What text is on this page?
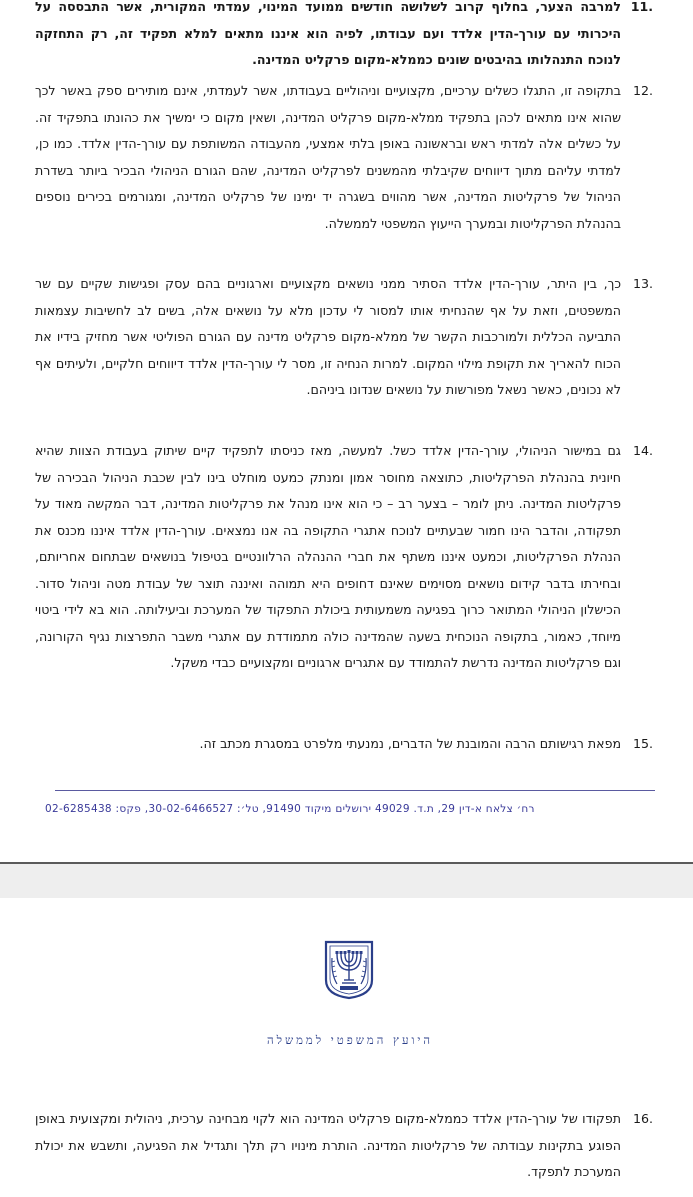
11.
למרבה הצער, בחלוף קרוב לשלושה חודשים ממועד המינוי, עמדתי המקורית, אשר התבססה על היכרותי עם עורך-הדין אלדד ועם עבודתו, לפיה הוא איננו מתאים למלא תפקיד זה, רק התחזקה לנוכח התנהלותו בהיבטים שונים כממלא-מקום פרקליט המדינה.
12.
בתקופה זו, התגלו כשלים ערכיים, מקצועיים וניהוליים בעבודתו, אשר לעמדתי, אינם מותירים ספק באשר לכך שהוא אינו מתאים לכהן בתפקיד ממלא-מקום פרקליט המדינה, ושאין מקום כי ימשיך את כהונתו בתפקיד זה. על כשלים אלה למדתי ראש ובראשונה באופן בלתי אמצעי, מהעבודה המשותפת עם עורך-הדין אלדד. כמו כן, למדתי עליהם מתוך דיווחים שקיבלתי מהמשנים לפרקליט המדינה, שהם הגורם הניהולי הבכיר ביותר בשדרת הניהול של פרקליטות המדינה, אשר מהווים בשגרה יד ימינו של פרקליט המדינה, ומגורמים בכירים נוספים בהנהלת הפרקליטות ובמערך הייעוץ המשפטי לממשלה.
13.
כך, בין היתר, עורך-הדין אלדד הסתיר ממני נושאים מקצועיים וארגוניים בהם עסק ופגישות שקיים עם שר המשפטים, וזאת על אף שהנחיתי אותו למסור לי עדכון מלא על נושאים אלה, בשים לב לחשיבות עצמאות התביעה הכללית ולמורכבות הקשר של ממלא-מקום פרקליט מדינה עם הגורם הפוליטי אשר מחזיק בידיו את הכוח להאריך את תקופת מילוי המקום. למרות הנחיה זו, מסר לי עורך-הדין אלדד דיווחים חלקיים, ולעיתים אף לא נכונים, כאשר נשאל מפורשות על נושאים שנדונו ביניהם.
14.
גם במישור הניהולי, עורך-הדין אלדד כשל. למעשה, מאז כניסתו לתפקיד קיים שיתוק בעבודת הצוות שהיא חיונית בהנהלת הפרקליטות, כתוצאה מחוסר אמון ומנתק כמעט מוחלט בינו לבין שכבת הניהול הבכירה של פרקליטות המדינה. ניתן לומר – בצער רב – כי הוא אינו מנהל את פרקליטות המדינה, דבר המקשה מאוד על תפקודה, והדבר הינו חמור שבעתיים לנוכח אתגרי התקופה בה אנו נמצאים. עורך-הדין אלדד איננו מכנס את הנהלת הפרקליטות, וכמעט איננו משתף את חברי ההנהלה הרלוונטיים בטיפול בנושאים שבתחום אחריותם, ובחירתו בדבר קידום נושאים מסוימים שאינם דחופים היא תמוהה ואיננה תוצר של עבודת מטה וניהול סדור. הכישלון הניהולי המתואר כרוך בפגיעה משמעותית ביכולת התפקוד של המערכת וביעילותה. הוא בא לידי ביטוי מיוחד, כאמור, בתקופה הנוכחית בשעה שהמדינה כולה מתמודדת עם אתגרי משבר התפרצות נגיף הקורונה, וגם פרקליטות המדינה נדרשת להתמודד עם אתגרים ארגוניים ומקצועיים כבדי משקל.
15.
מפאת רגישותם הרבה והמובנת של הדברים, נמנעתי מלפרט במסגרת מכתב זה.
רח׳ צלאח א-דין 29, ת.ד. 49029 ירושלים מיקוד 91490, טל׳: 30-02-6466527, פקס: 02-6285438
היועץ המשפטי לממשלה
16.
תפקודו של עורך-הדין אלדד כממלא-מקום פרקליט המדינה הוא לקוי מבחינה ערכית, ניהולית ומקצועית באופן הפוגע בתקינות עבודתה של פרקליטות המדינה. הותרת מינויו רק תלך ותגדיל את הפגיעה, ותשבש את יכולת המערכת לתפקד.
